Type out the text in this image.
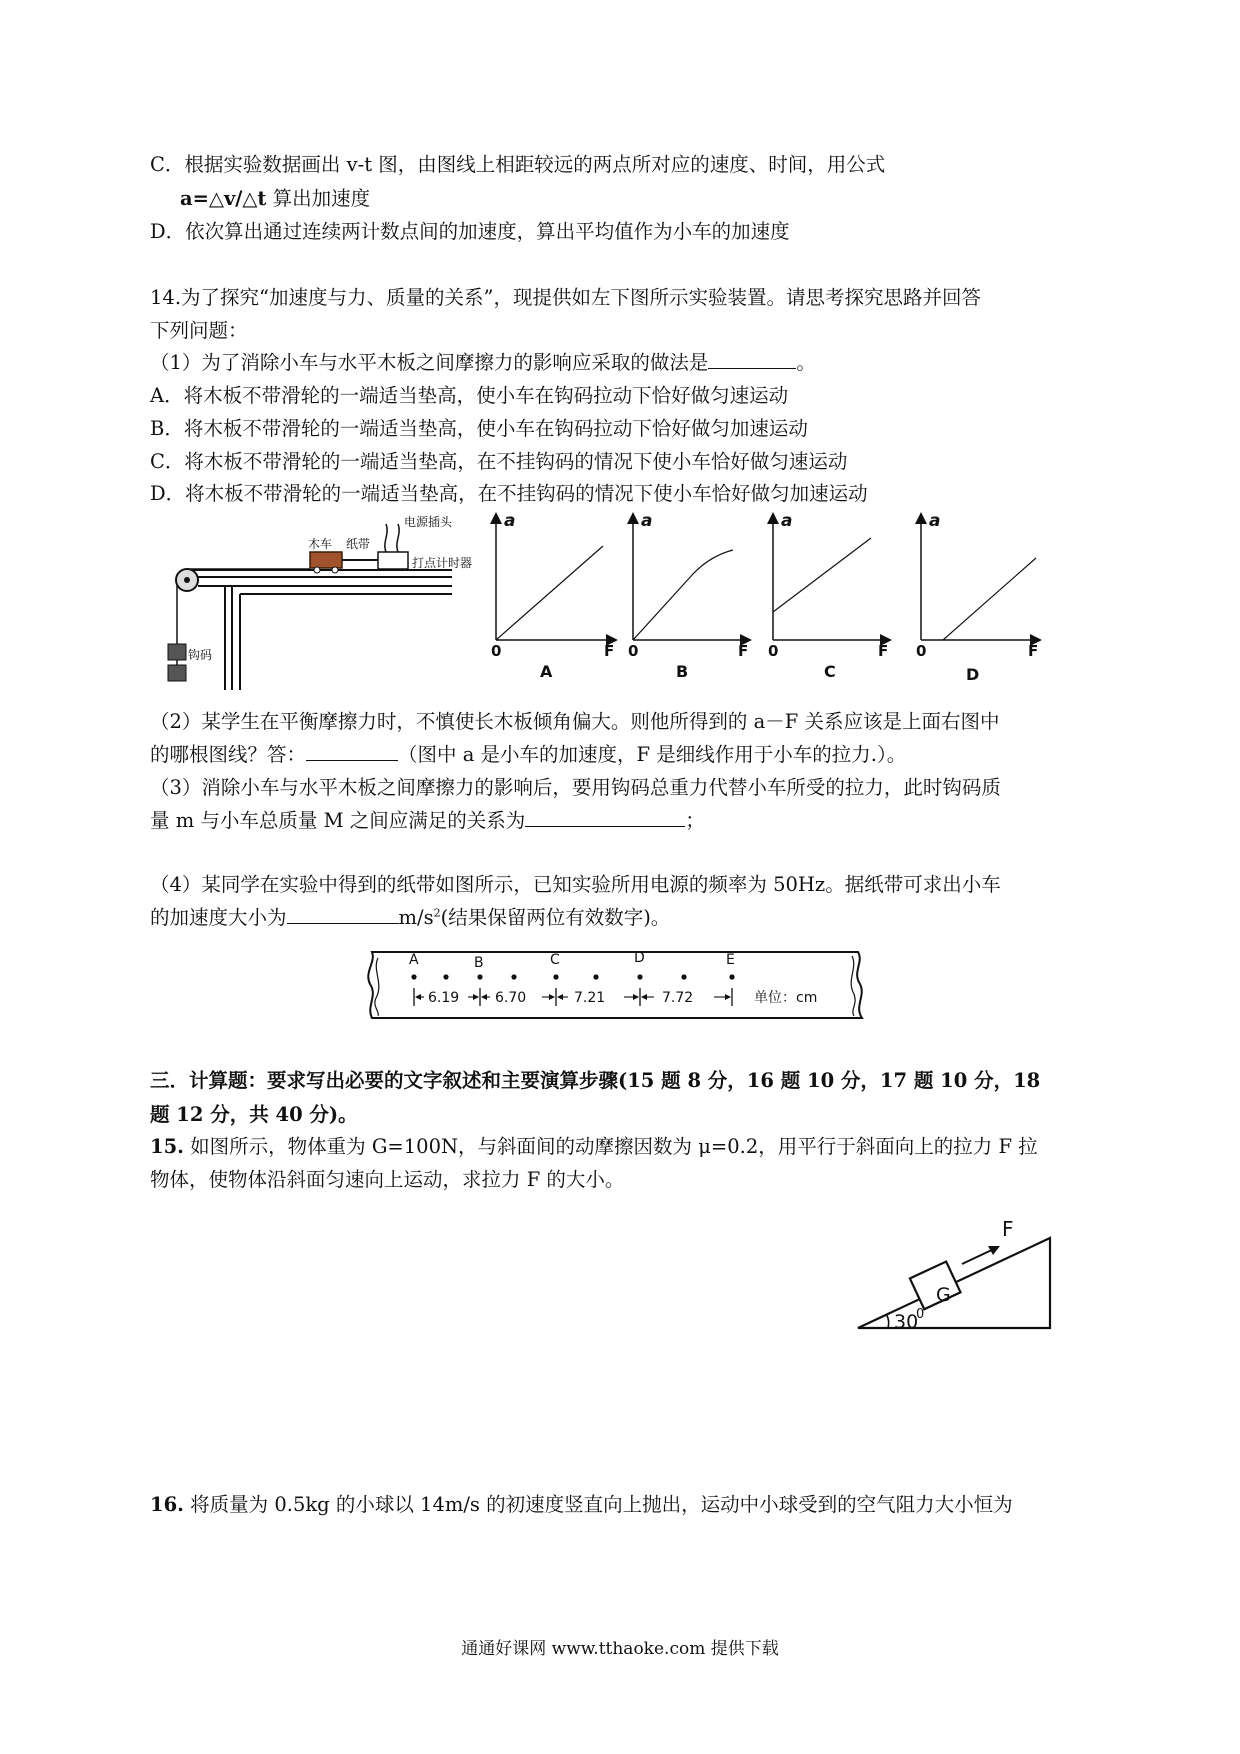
C．根据实验数据画出 v-t 图，由图线上相距较远的两点所对应的速度、时间，用公式
a=△v/△t 算出加速度
D．依次算出通过连续两计数点间的加速度，算出平均值作为小车的加速度
14.为了探究“加速度与力、质量的关系”，现提供如左下图所示实验装置。请思考探究思路并回答
下列问题：
（1）为了消除小车与水平木板之间摩擦力的影响应采取的做法是	。
A．将木板不带滑轮的一端适当垫高，使小车在钩码拉动下恰好做匀速运动
B．将木板不带滑轮的一端适当垫高，使小车在钩码拉动下恰好做匀加速运动
C．将木板不带滑轮的一端适当垫高，在不挂钩码的情况下使小车恰好做匀速运动
D．将木板不带滑轮的一端适当垫高，在不挂钩码的情况下使小车恰好做匀加速运动
钩码
木车 纸带
打点计时器
电源插头	a
0	F
A
a
0	F
B
a
0	F
C
a
0	F
D
（2）某学生在平衡摩擦力时，不慎使长木板倾角偏大。则他所得到的 a－F 关系应该是上面右图中
的哪根图线？答：	（图中 a 是小车的加速度，F 是细线作用于小车的拉力.）。
（3）消除小车与水平木板之间摩擦力的影响后，要用钩码总重力代替小车所受的拉力，此时钩码质
量 m 与小车总质量 M 之间应满足的关系为	；
（4）某同学在实验中得到的纸带如图所示，已知实验所用电源的频率为 50Hz。据纸带可求出小车
的加速度大小为	$m/s^2$(结果保留两位有效数字)。
A	B	C	D	E
6.19	6.70	7.21	7.72	单位：cm
三．计算题：要求写出必要的文字叙述和主要演算步骤(15 题 8 分，16 题 10 分，17 题 10 分，18
题 12 分，共 40 分)。
15. 如图所示，物体重为 G=100N，与斜面间的动摩擦因数为 μ=0.2，用平行于斜面向上的拉力 F 拉
物体，使物体沿斜面匀速向上运动，求拉力 F 的大小。
G
F
30
0
16. 将质量为 0.5kg 的小球以 14m/s 的初速度竖直向上抛出，运动中小球受到的空气阻力大小恒为
通通好课网 www.tthaoke.com 提供下载
